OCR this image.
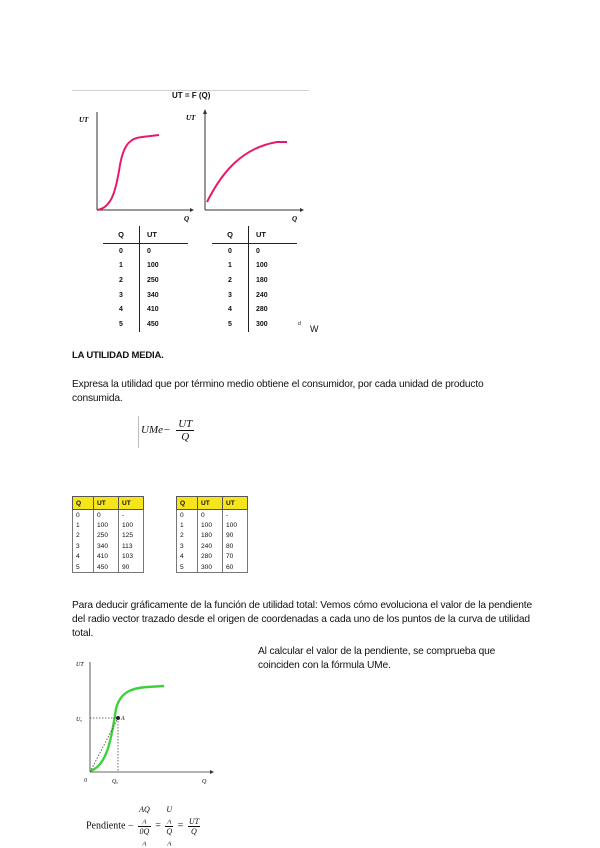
UT = F (Q)
UT
Q
UT
Q
Q	UT
0	0
1	100
2	250
3	340
4	410
5	450
Q	UT
0	0
1	100
2	180
3	240
4	280
5	300	d W
LA UTILIDAD MEDIA.
Expresa la utilidad que por término medio obtiene el consumidor, por cada unidad de producto consumida.
$UMe- \frac{UT}{Q}$
Q	UT	UT
0	0	-
1	100	100
2	250	125
3	340	113
4	410	103
5	450	90
Q	UT	UT
0	0	-
1	100	100
2	180	90
3	240	80
4	280	70
5	300	60
Para deducir gráficamente de la función de utilidad total: Vemos cómo evoluciona el valor de la pendiente del radio vector trazado desde el origen de coordenadas a cada uno de los puntos de la curva de utilidad total.
Al calcular el valor de la pendiente, se comprueba que coinciden con la fórmula UMe.
UT
Q
0
A
Uₐ
Qₐ
Pendiente − AQ
$_A$
0Q
$_A$ = U
$_A$
Q
$_A = \frac{UT}{Q}$
